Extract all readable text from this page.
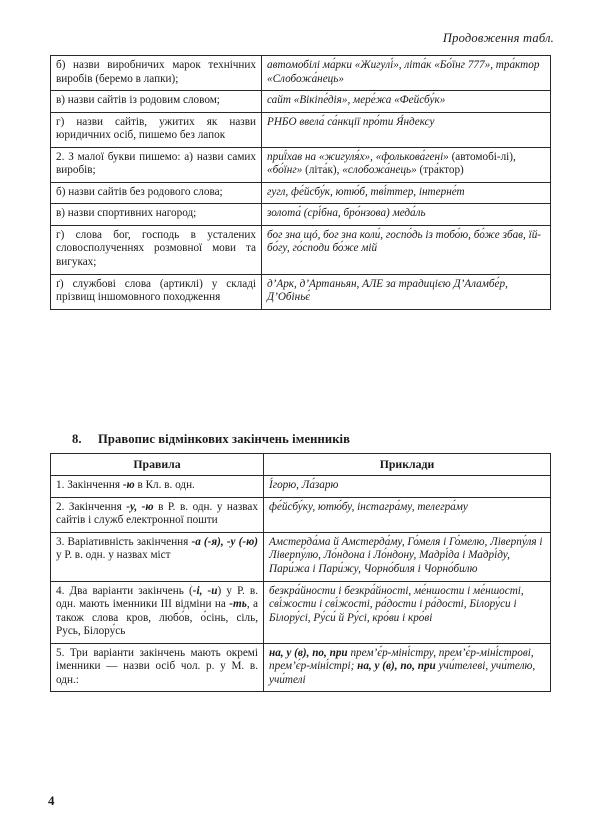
Продовження табл.
б) назви виробничих марок технічних виробів (беремо в лапки);	автомобілі ма́рки «Жигулі́», літа́к «Бо́їнг 777», тра́ктор «Слобожа́нець»
в) назви сайтів із родовим словом;	сайт «Вікіпе́дія», мере́жа «Фейсбу́к»
г) назви сайтів, ужитих як назви юридичних осіб, пишемо без лапок	РНБО ввела́ са́нкції про́ти Я́ндексу
2. З малої букви пишемо: а) назви самих виробів;	приї́хав на «жигуля́х», «фолькова́гені» (автомобі-лі), «бо́їнг» (літа́к), «слобожа́нець» (тра́ктор)
б) назви сайтів без родового слова;	гугл, фе́йсбу́к, ютю́б, тві́ттер, інтерне́т
в) назви спортивних нагород;	золота́ (срі́бна, бро́нзова) меда́ль
г) слова бог, господь в усталених словосполученнях розмовної мови та вигуках;	бог зна щó, бог зна коли́, госпо́дь із тобо́ю, бо́же збав, їй-бо́гу, го́споди бо́же мій
ґ) службові слова (артиклі) у складі прізвищ іншомовного походження	д’Арк, д’Артаньян, АЛЕ за традицією Д’Аламбе́р, Д’Обіньє́
8. Правопис відмінкових закінчень іменників
Правила	Приклади
1. Закінчення -ю в Кл. в. одн.	І́горю, Ла́зарю
2. Закінчення -у, -ю в Р. в. одн. у назвах сайтів і служб електронної пошти	фе́йсбу́ку, ютю́бу, інстагра́му, телегра́му
3. Варіативність закінчення -а (-я), -у (-ю) у Р. в. одн. у назвах міст	Амстерда́ма й Амстерда́му, Го́меля і Го́мелю, Ліверпу́ля і Ліверпу́лю, Ло́ндона і Ло́ндону, Мадрі́да і Мадрі́ду, Пари́жа і Пари́жу, Чорно́биля і Чорно́билю
4. Два варіанти закінчень (-і, -и) у Р. в. одн. мають іменники III відміни на -ть, а також слова кров, любо́в, о́сінь, сіль, Русь, Білору́сь	безкра́йности і безкра́йності, ме́ншости і ме́ншості, сві́жости і сві́жості, ра́дости і ра́дості, Білору́си і Білору́сі, Ру́си́ й Ру́сі, кро́ви і кро́ві
5. Три варіанти закінчень мають окремі іменники — назви осіб чол. р. у М. в. одн.:	на, у (в), по, при прем’є́р-міні́стру, прем’є́р-міні́строві, прем’є́р-міні́стрі; на, у (в), по, при учи́телеві, учи́телю, учи́телі
4
